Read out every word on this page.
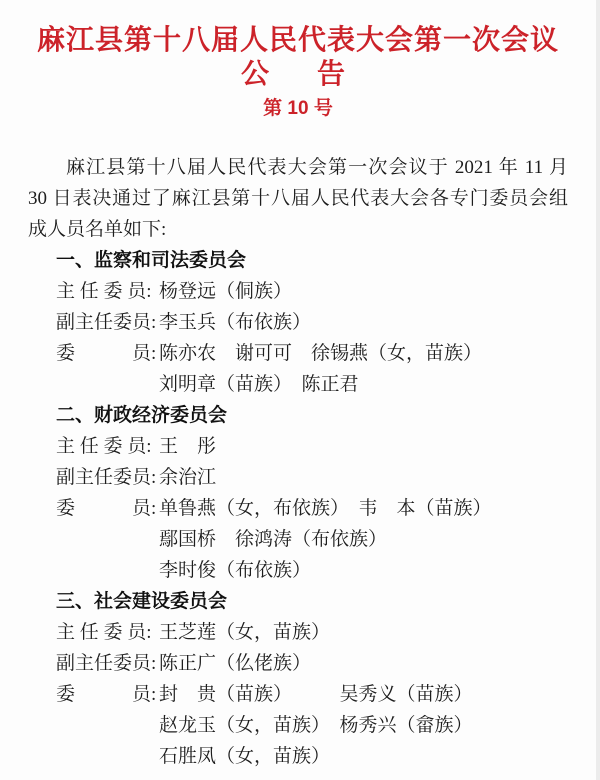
麻江县第十八届人民代表大会第一次会议
公　告
第 10 号

麻江县第十八届人民代表大会第一次会议于 2021 年 11 月

30 日表决通过了麻江县第十八届人民代表大会各专门委员会组

成人员名单如下:

一、监察和司法委员会
主 任 委 员: 杨登远（侗族）
副主任委员: 李玉兵（布依族）
委　　　员: 陈亦农　谢可可　徐锡燕（女，苗族）
刘明章（苗族）　陈正君
二、财政经济委员会
主 任 委 员: 王　彤
副主任委员: 余治江
委　　　员: 单鲁燕（女，布依族）　韦　本（苗族）
鄢国桥　徐鸿涛（布依族）
李时俊（布依族）
三、社会建设委员会
主 任 委 员: 王芝莲（女，苗族）
副主任委员: 陈正广（仫佬族）
委　　　员: 封　贵（苗族）　　　吴秀义（苗族）
赵龙玉（女，苗族）　杨秀兴（畲族）
石胜凤（女，苗族）
